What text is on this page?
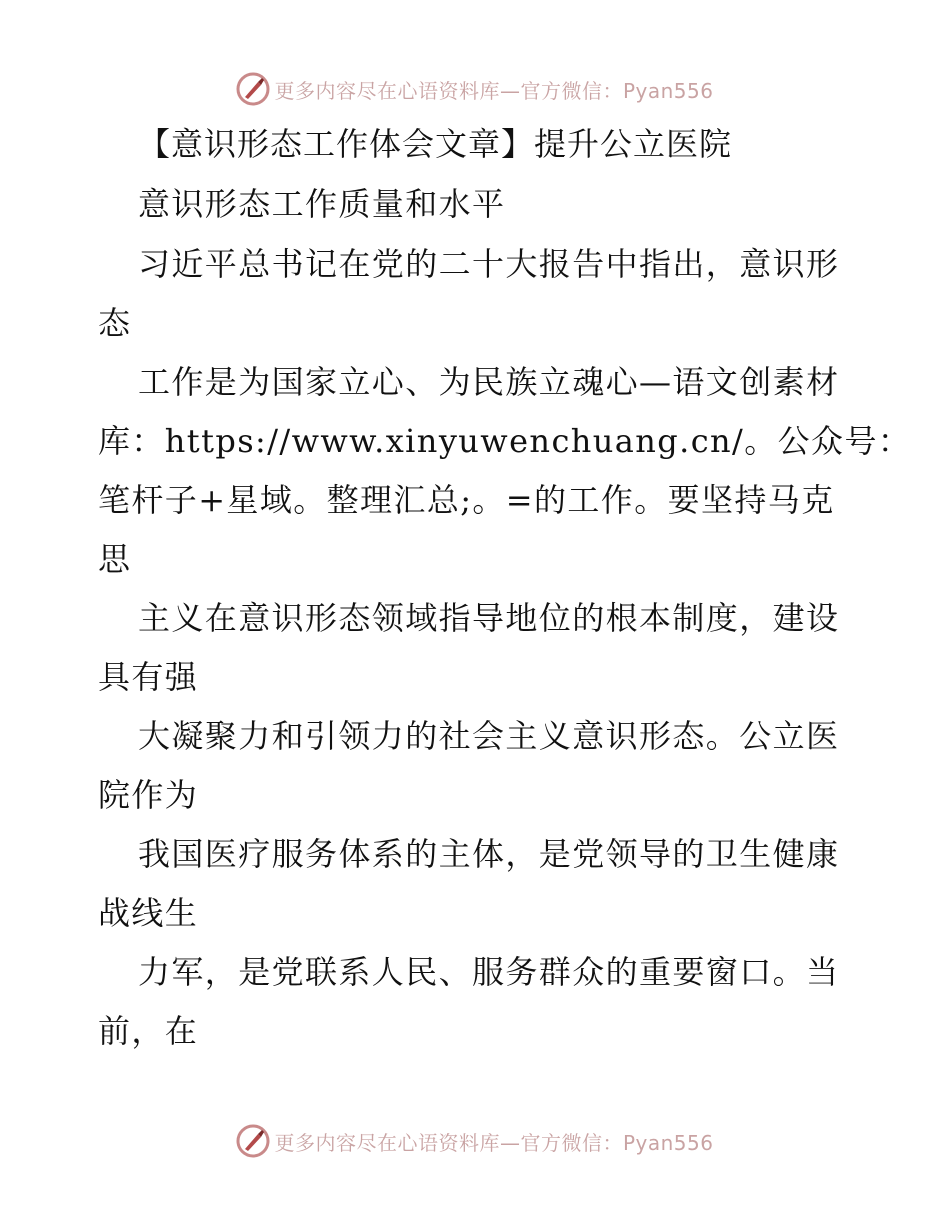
更多内容尽在心语资料库—官方微信：Pyan556
【意识形态工作体会文章】提升公立医院
意识形态工作质量和水平
习近平总书记在党的二十大报告中指出，意识形
态
工作是为国家立心、为民族立魂心—语文创素材
库：https://www.xinyuwenchuang.cn/。公众号：
笔杆子+星域。整理汇总;。=的工作。要坚持马克
思
主义在意识形态领域指导地位的根本制度，建设
具有强
大凝聚力和引领力的社会主义意识形态。公立医
院作为
我国医疗服务体系的主体，是党领导的卫生健康
战线生
力军，是党联系人民、服务群众的重要窗口。当
前，在
更多内容尽在心语资料库—官方微信：Pyan556
